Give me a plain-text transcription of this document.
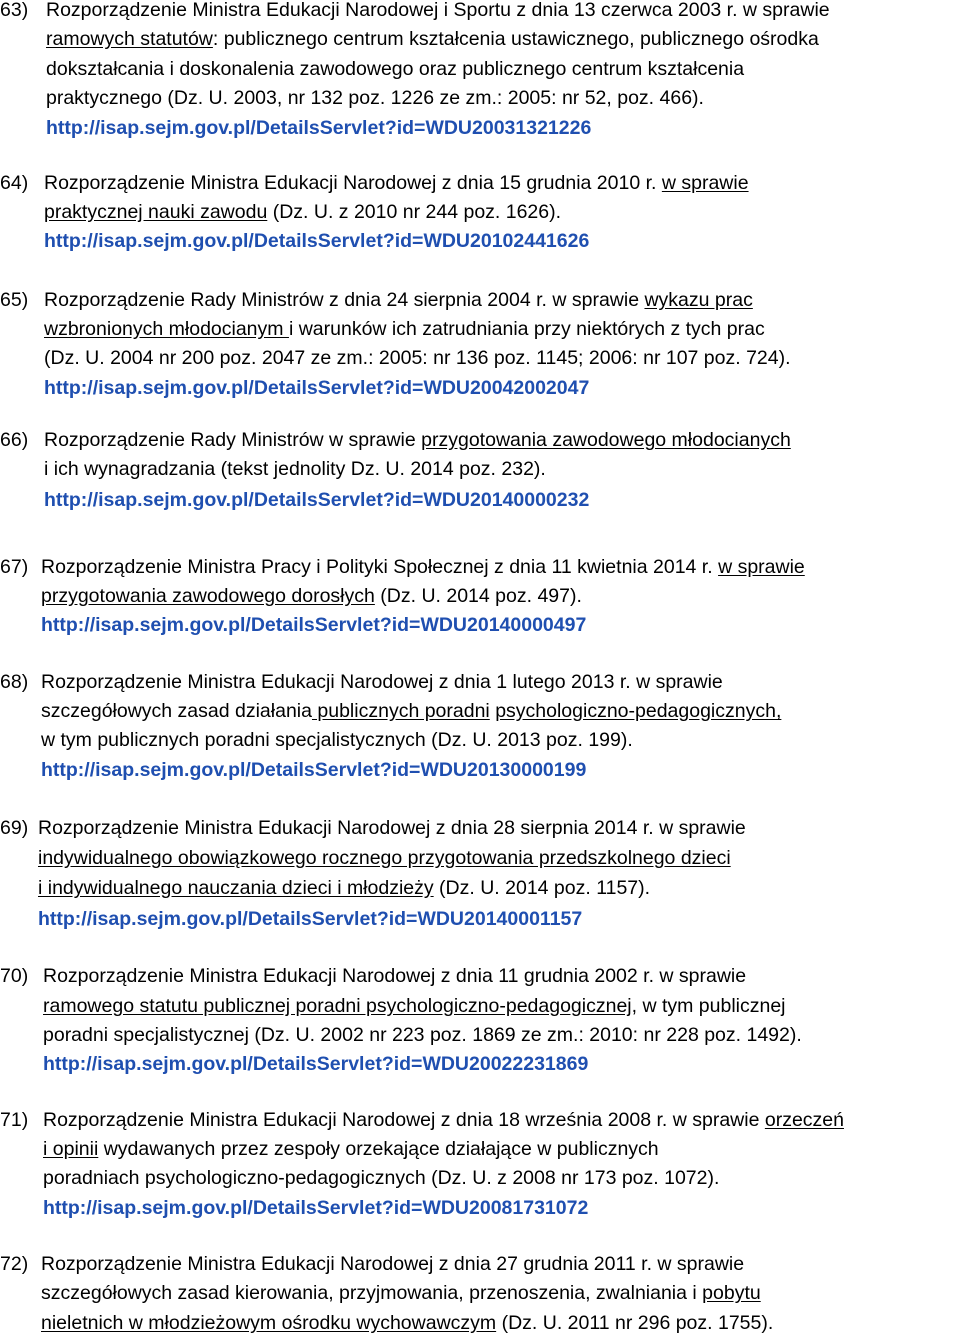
63) Rozporządzenie Ministra Edukacji Narodowej i Sportu z dnia 13 czerwca 2003 r. w sprawie
ramowych statutów: publicznego centrum kształcenia ustawicznego, publicznego ośrodka
dokształcania i doskonalenia zawodowego oraz publicznego centrum kształcenia
praktycznego (Dz. U. 2003, nr 132 poz. 1226 ze zm.: 2005: nr 52, poz. 466).
http://isap.sejm.gov.pl/DetailsServlet?id=WDU20031321226
64) Rozporządzenie Ministra Edukacji Narodowej z dnia 15 grudnia 2010 r. w sprawie
praktycznej nauki zawodu (Dz. U. z 2010 nr 244 poz. 1626).
http://isap.sejm.gov.pl/DetailsServlet?id=WDU20102441626
65) Rozporządzenie Rady Ministrów z dnia 24 sierpnia 2004 r. w sprawie wykazu prac
wzbronionych młodocianym i warunków ich zatrudniania przy niektórych z tych prac
(Dz. U. 2004 nr 200 poz. 2047 ze zm.: 2005: nr 136 poz. 1145; 2006: nr 107 poz. 724).
http://isap.sejm.gov.pl/DetailsServlet?id=WDU20042002047
66) Rozporządzenie Rady Ministrów w sprawie przygotowania zawodowego młodocianych
i ich wynagradzania (tekst jednolity Dz. U. 2014 poz. 232).
http://isap.sejm.gov.pl/DetailsServlet?id=WDU20140000232
67) Rozporządzenie Ministra Pracy i Polityki Społecznej z dnia 11 kwietnia 2014 r. w sprawie
przygotowania zawodowego dorosłych (Dz. U. 2014 poz. 497).
http://isap.sejm.gov.pl/DetailsServlet?id=WDU20140000497
68) Rozporządzenie Ministra Edukacji Narodowej z dnia 1 lutego 2013 r. w sprawie
szczegółowych zasad działania publicznych poradni psychologiczno-pedagogicznych,
w tym publicznych poradni specjalistycznych (Dz. U. 2013 poz. 199).
http://isap.sejm.gov.pl/DetailsServlet?id=WDU20130000199
69) Rozporządzenie Ministra Edukacji Narodowej z dnia 28 sierpnia 2014 r. w sprawie
indywidualnego obowiązkowego rocznego przygotowania przedszkolnego dzieci
i indywidualnego nauczania dzieci i młodzieży (Dz. U. 2014 poz. 1157).
http://isap.sejm.gov.pl/DetailsServlet?id=WDU20140001157
70) Rozporządzenie Ministra Edukacji Narodowej z dnia 11 grudnia 2002 r. w sprawie
ramowego statutu publicznej poradni psychologiczno-pedagogicznej, w tym publicznej
poradni specjalistycznej (Dz. U. 2002 nr 223 poz. 1869 ze zm.: 2010: nr 228 poz. 1492).
http://isap.sejm.gov.pl/DetailsServlet?id=WDU20022231869
71) Rozporządzenie Ministra Edukacji Narodowej z dnia 18 września 2008 r. w sprawie orzeczeń
i opinii wydawanych przez zespoły orzekające działające w publicznych
poradniach psychologiczno-pedagogicznych (Dz. U. z 2008 nr 173 poz. 1072).
http://isap.sejm.gov.pl/DetailsServlet?id=WDU20081731072
72) Rozporządzenie Ministra Edukacji Narodowej z dnia 27 grudnia 2011 r. w sprawie
szczegółowych zasad kierowania, przyjmowania, przenoszenia, zwalniania i pobytu
nieletnich w młodzieżowym ośrodku wychowawczym (Dz. U. 2011 nr 296 poz. 1755).
